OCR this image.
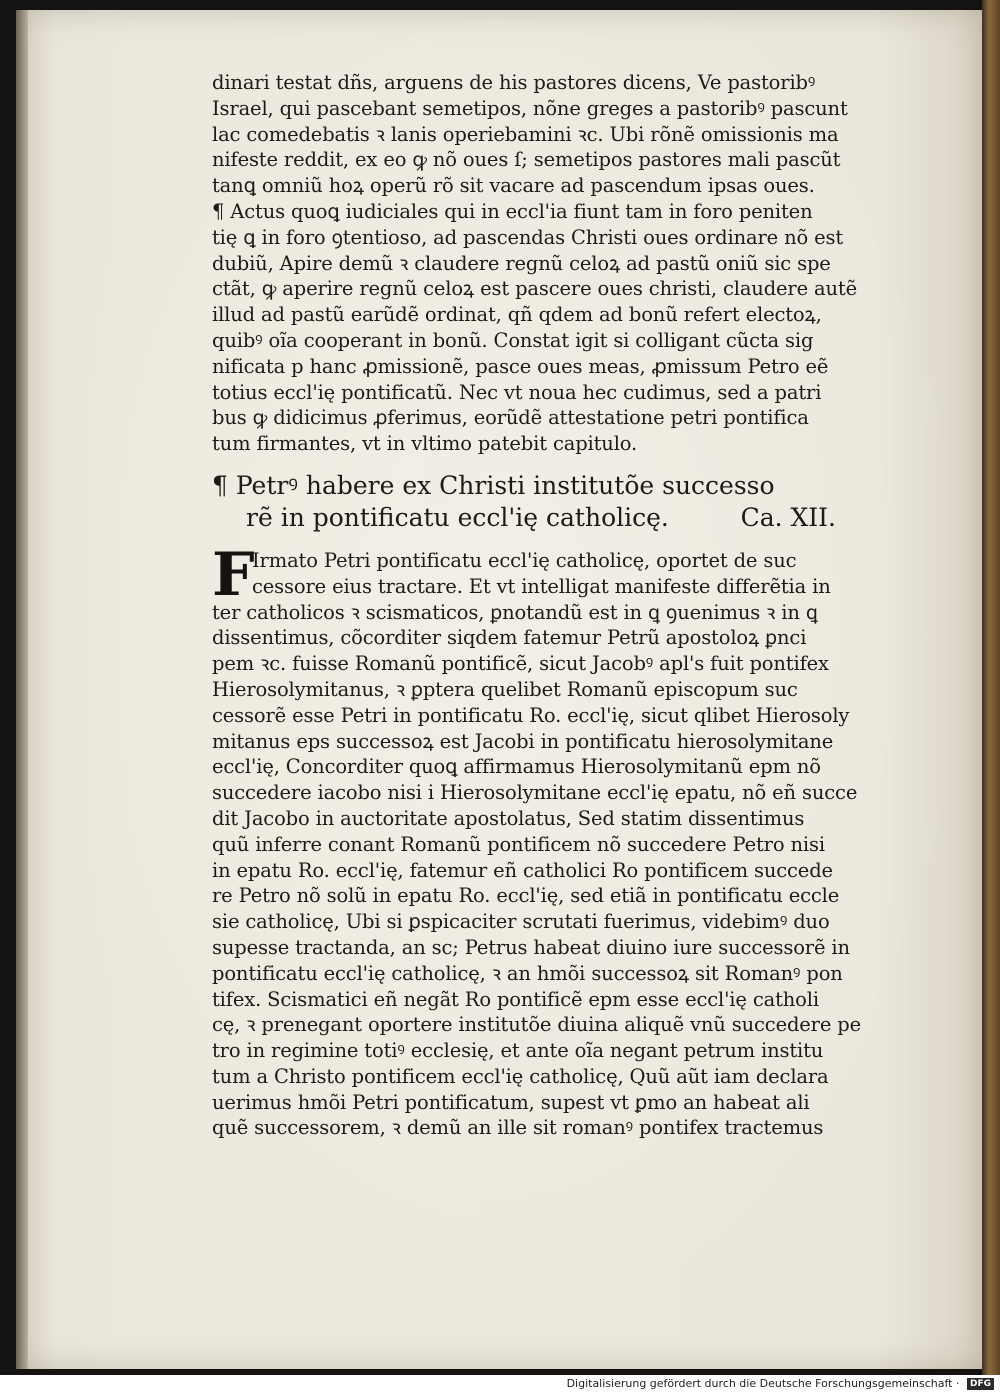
dinari testat dñs, arguens de his pastores dicens, Ve pastoribꝰ
Israel, qui pascebant semetipos, nõne greges a pastoribꝰ pascunt
lac comedebatis ꝛ lanis operiebamini ꝛc. Ubi rõnẽ omissionis ma
nifeste reddit, ex eo ꝙ nõ oues ſ; semetipos pastores mali pascũt
tanꝗ omniũ hoꝝ operũ rõ sit vacare ad pascendum ipsas oues.
¶ Actus quoꝗ iudiciales qui in eccl'ia fiunt tam in foro peniten
tię ꝗ in foro ꝯtentioso, ad pascendas Christi oues ordinare nõ est
dubiũ, Apire demũ ꝛ claudere regnũ celoꝝ ad pastũ oniũ sic spe
ctãt, ꝙ aperire regnũ celoꝝ est pascere oues christi, claudere autẽ
illud ad pastũ earũdẽ ordinat, qñ qdem ad bonũ refert electoꝝ,
quibꝰ oĩa cooperant in bonũ. Constat igit si colligant cũcta sig
nificata p hanc ꝓmissionẽ, pasce oues meas, ꝓmissum Petro eẽ
totius eccl'ię pontificatũ. Nec vt noua hec cudimus, sed a patri
bus ꝙ didicimus ꝓferimus, eorũdẽ attestatione petri pontifica
tum firmantes, vt in vltimo patebit capitulo.
¶ Petrꝰ habere ex Christi institutõe successo
rẽ in pontificatu eccl'ię catholicę.	Ca. XII.
F
Irmato Petri pontificatu eccl'ię catholicę, oportet de suc
cessore eius tractare. Et vt intelligat manifeste differẽtia in
ter catholicos ꝛ scismaticos, ꝑnotandũ est in ꝗ ꝯuenimus ꝛ in ꝗ
dissentimus, cõcorditer siqdem fatemur Petrũ apostoloꝝ ꝑnci
pem ꝛc. fuisse Romanũ pontificẽ, sicut Jacobꝰ apl's fuit pontifex
Hierosolymitanus, ꝛ ꝑptera quelibet Romanũ episcopum suc
cessorẽ esse Petri in pontificatu Ro. eccl'ię, sicut qlibet Hierosoly
mitanus eps successoꝝ est Jacobi in pontificatu hierosolymitane
eccl'ię, Concorditer quoꝗ affirmamus Hierosolymitanũ epm nõ
succedere iacobo nisi i Hierosolymitane eccl'ię epatu, nõ eñ succe
dit Jacobo in auctoritate apostolatus, Sed statim dissentimus
quũ inferre conant Romanũ pontificem nõ succedere Petro nisi
in epatu Ro. eccl'ię, fatemur eñ catholici Ro pontificem succede
re Petro nõ solũ in epatu Ro. eccl'ię, sed etiã in pontificatu eccle
sie catholicę, Ubi si ꝑspicaciter scrutati fuerimus, videbimꝰ duo
supesse tractanda, an sc; Petrus habeat diuino iure successorẽ in
pontificatu eccl'ię catholicę, ꝛ an hmõi successoꝝ sit Romanꝰ pon
tifex. Scismatici eñ negãt Ro pontificẽ epm esse eccl'ię catholi
cę, ꝛ prenegant oportere institutõe diuina aliquẽ vnũ succedere pe
tro in regimine totiꝰ ecclesię, et ante oĩa negant petrum institu
tum a Christo pontificem eccl'ię catholicę, Quũ aũt iam declara
uerimus hmõi Petri pontificatum, supest vt ꝑmo an habeat ali
quẽ successorem, ꝛ demũ an ille sit romanꝰ pontifex tractemus
Digitalisierung gefördert durch die Deutsche Forschungsgemeinschaft · DFG
